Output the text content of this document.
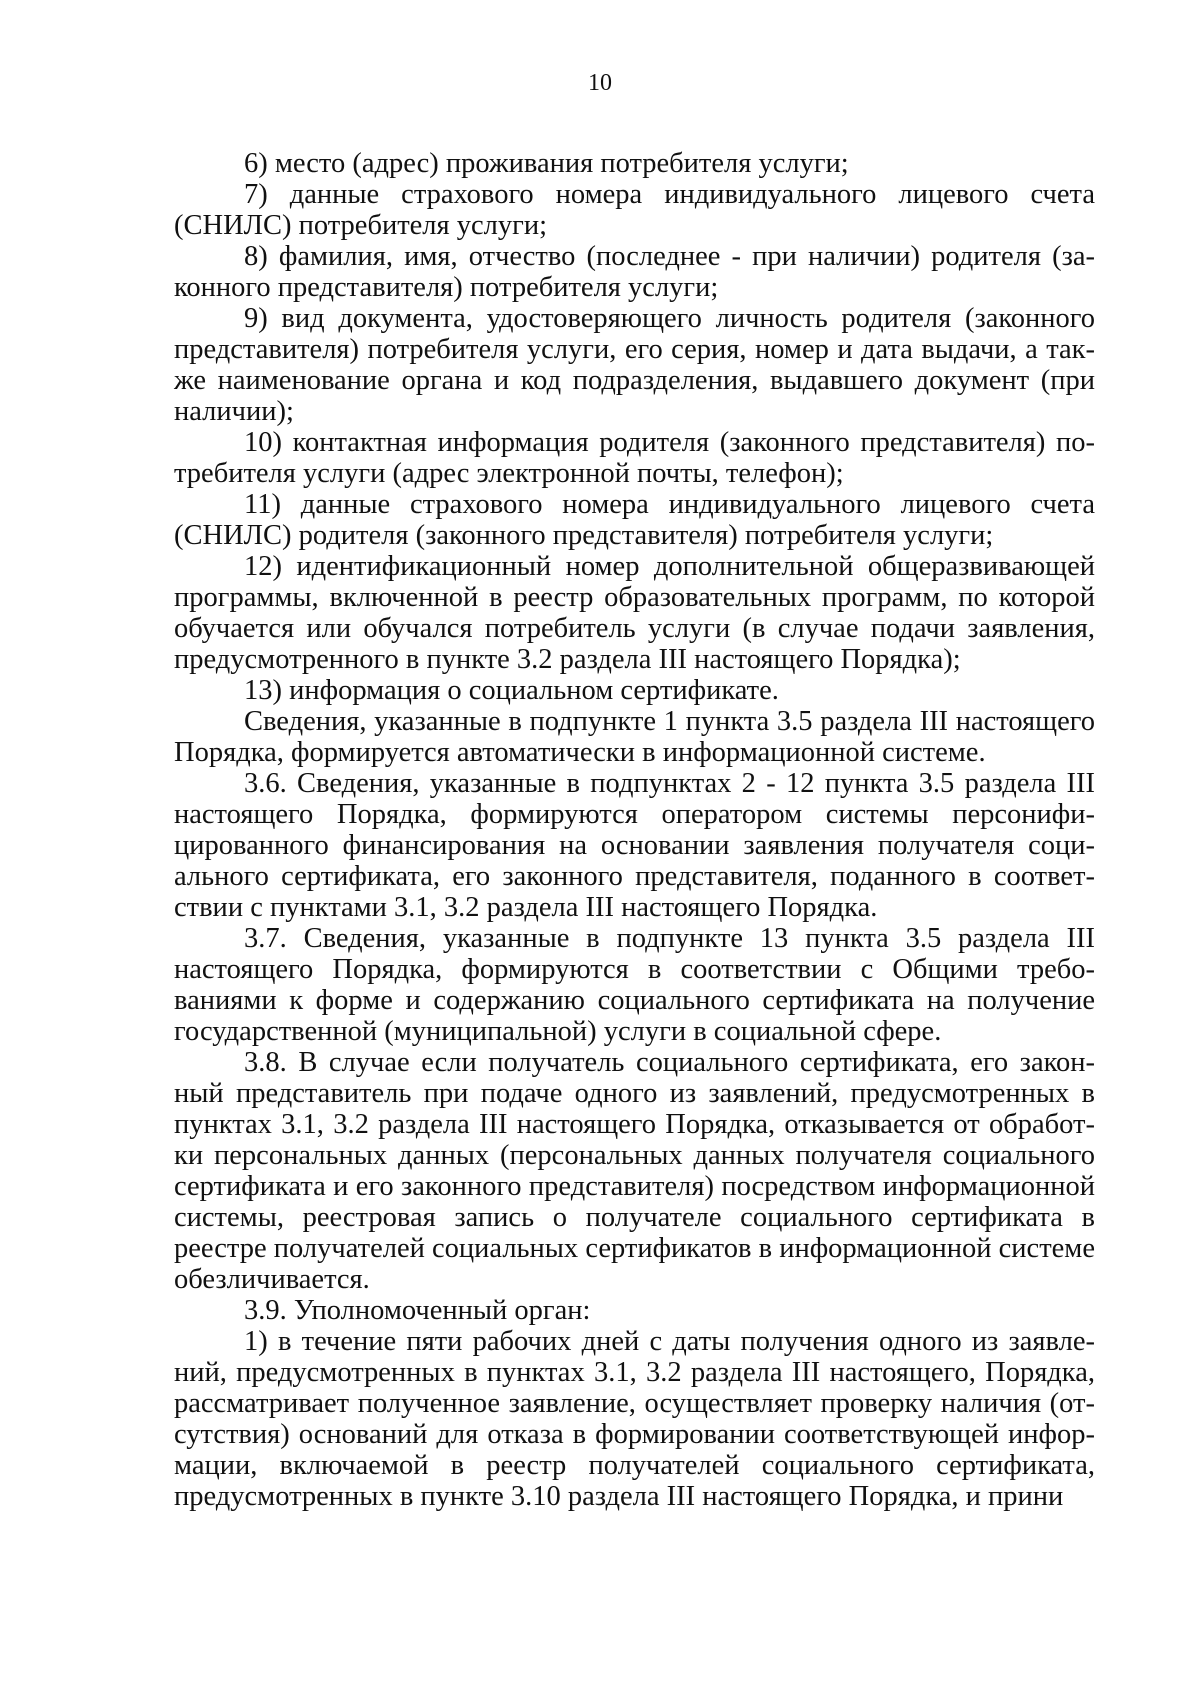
10

6) место (адрес) проживания потребителя услуги;

7) данные страхового номера индивидуального лицевого счета (СНИЛС) потребителя услуги;

8) фамилия, имя, отчество (последнее - при наличии) родителя (законного представителя) потребителя услуги;

9) вид документа, удостоверяющего личность родителя (законного представителя) потребителя услуги, его серия, номер и дата выдачи, а также наименование органа и код подразделения, выдавшего документ (при наличии);

10) контактная информация родителя (законного представителя) потребителя услуги (адрес электронной почты, телефон);

11) данные страхового номера индивидуального лицевого счета (СНИЛС) родителя (законного представителя) потребителя услуги;

12) идентификационный номер дополнительной общеразвивающей программы, включенной в реестр образовательных программ, по которой обучается или обучался потребитель услуги (в случае подачи заявления, предусмотренного в пункте 3.2 раздела III настоящего Порядка);

13) информация о социальном сертификате.

Сведения, указанные в подпункте 1 пункта 3.5 раздела III настоящего Порядка, формируется автоматически в информационной системе.

3.6. Сведения, указанные в подпунктах 2 - 12 пункта 3.5 раздела III настоящего Порядка, формируются оператором системы персонифицированного финансирования на основании заявления получателя социального сертификата, его законного представителя, поданного в соответствии с пунктами 3.1, 3.2 раздела III настоящего Порядка.

3.7. Сведения, указанные в подпункте 13 пункта 3.5 раздела III настоящего Порядка, формируются в соответствии с Общими требованиями к форме и содержанию социального сертификата на получение государственной (муниципальной) услуги в социальной сфере.

3.8. В случае если получатель социального сертификата, его законный представитель при подаче одного из заявлений, предусмотренных в пунктах 3.1, 3.2 раздела III настоящего Порядка, отказывается от обработки персональных данных (персональных данных получателя социального сертификата и его законного представителя) посредством информационной системы, реестровая запись о получателе социального сертификата в реестре получателей социальных сертификатов в информационной системе обезличивается.

3.9. Уполномоченный орган:

1) в течение пяти рабочих дней с даты получения одного из заявлений, предусмотренных в пунктах 3.1, 3.2 раздела III настоящего, Порядка, рассматривает полученное заявление, осуществляет проверку наличия (отсутствия) оснований для отказа в формировании соответствующей информации, включаемой в реестр получателей социального сертификата, предусмотренных в пункте 3.10 раздела III настоящего Порядка, и прини
